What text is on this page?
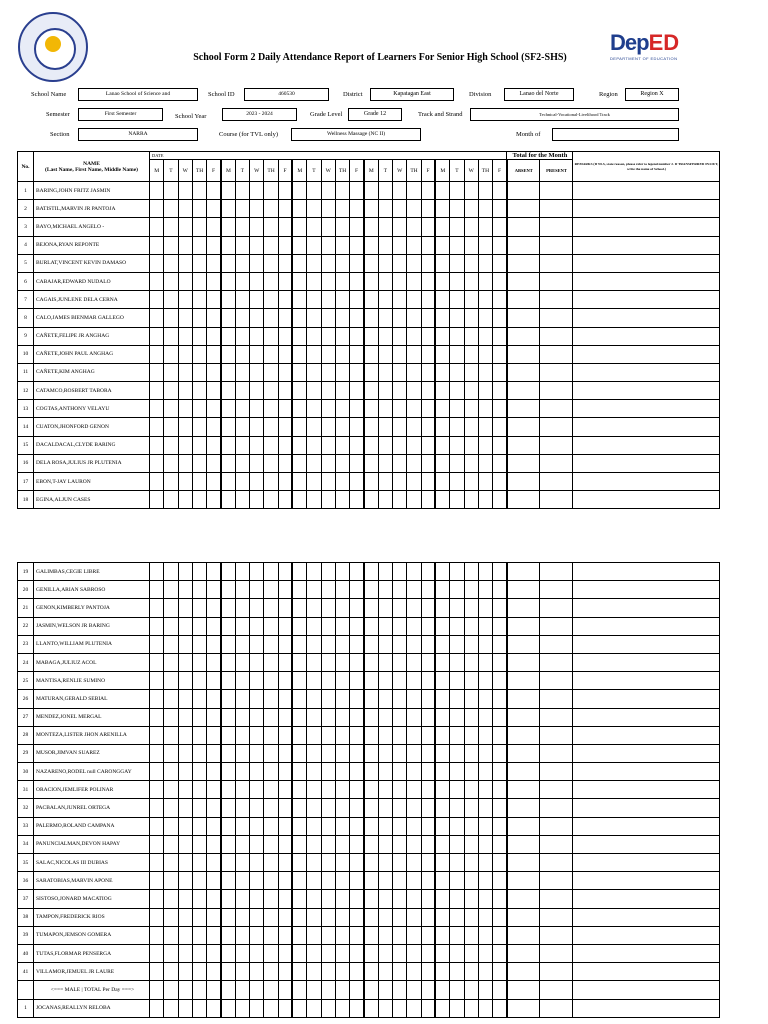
School Form 2 Daily Attendance Report of Learners For Senior High School (SF2-SHS)
DepED
DEPARTMENT OF EDUCATION
School Name	Lanao School of Science and	School ID	460530	District	Kapatagan East	Division	Lanao del Norte	Region	Region X
Semester	First Semester	School Year	2023 - 2024	Grade Level	Grade 12	Track and Strand	Technical-Vocational-Livelihood Track
Section	NARRA	Course (for TVL only)	Wellness Massage (NC II)	Month of
No.	NAME
(Last Name, First Name, Middle Name)	DATE																									Total for the Month		REMARKS (If NLS, state reason, please refer to legend number 2. If TRANSFERRED IN/OUT, write the name of School.)
		M	T	W	TH	F	M	T	W	TH	F	M	T	W	TH	F	M	T	W	TH	F	M	T	W	TH	F	ABSENT	PRESENT	
1	BARING,JOHN FRITZ JASMIN																												
2	BATISTIL,MARVIN JR PANTOJA																												
3	BAYO,MICHAEL ANGELO -																												
4	BEJONA,RYAN REPONTE																												
5	BURLAT,VINCENT KEVIN DAMASO																												
6	CABAJAR,EDWARD NUDALO																												
7	CAGAIS,JUNLENE DELA CERNA																												
8	CALO,JAMES BIENMAR GALLEGO																												
9	CAÑETE,FELIPE JR ANGHAG																												
10	CAÑETE,JOHN PAUL ANGHAG																												
11	CAÑETE,KIM ANGHAG																												
12	CATAMCO,ROSBERT TABORA																												
13	COGTAS,ANTHONY VELAYU																												
14	CUATON,JHONFORD GENON																												
15	DACALDACAL,CLYDE BARING																												
16	DELA ROSA,JULIUS JR PLUTENIA																												
17	EBON,T-JAY LAURON																												
18	EGINA,ALJUN CASES																												
19	GALIMBAS,CEGIE LIBRE																												
20	GENILLA,ARIAN SABROSO																												
21	GENON,KIMBERLY PANTOJA																												
22	JASMIN,WELSON JR BARING																												
23	LLANTO,WILLIAM PLUTENIA																												
24	MABAGA,JULIUZ ACOL																												
25	MANTISA,RENLIE SUMINO																												
26	MATURAN,GERALD SEBIAL																												
27	MENDEZ,JONEL MERGAL																												
28	MONTEZA,LISTER JHON ARENILLA																												
29	MUSOR,JIMVAN SUAREZ																												
30	NAZARENO,RODEL null CARONGGAY																												
31	ORACION,JEMLIFER POLINAR																												
32	PACBALAN,JUNREL ORTEGA																												
33	PALERMO,ROLAND CAMPANA																												
34	PANUNCIALMAN,DEVON HAPAY																												
35	SALAC,NICOLAS III DUBIAS																												
36	SARATOBIAS,MARVIN APONE																												
37	SISTOSO,JONARD MACATIOG																												
38	TAMPON,FREDERICK RIOS																												
39	TUMAPON,JEMSON GOMERA																												
40	TUTAS,FLORMAR PENSERGA																												
41	VILLAMOR,JEMUEL JR LAURE																												
	<=== MALE | TOTAL Per Day ===>																												
1	JOCANAS,REALLYN RELOBA																												
